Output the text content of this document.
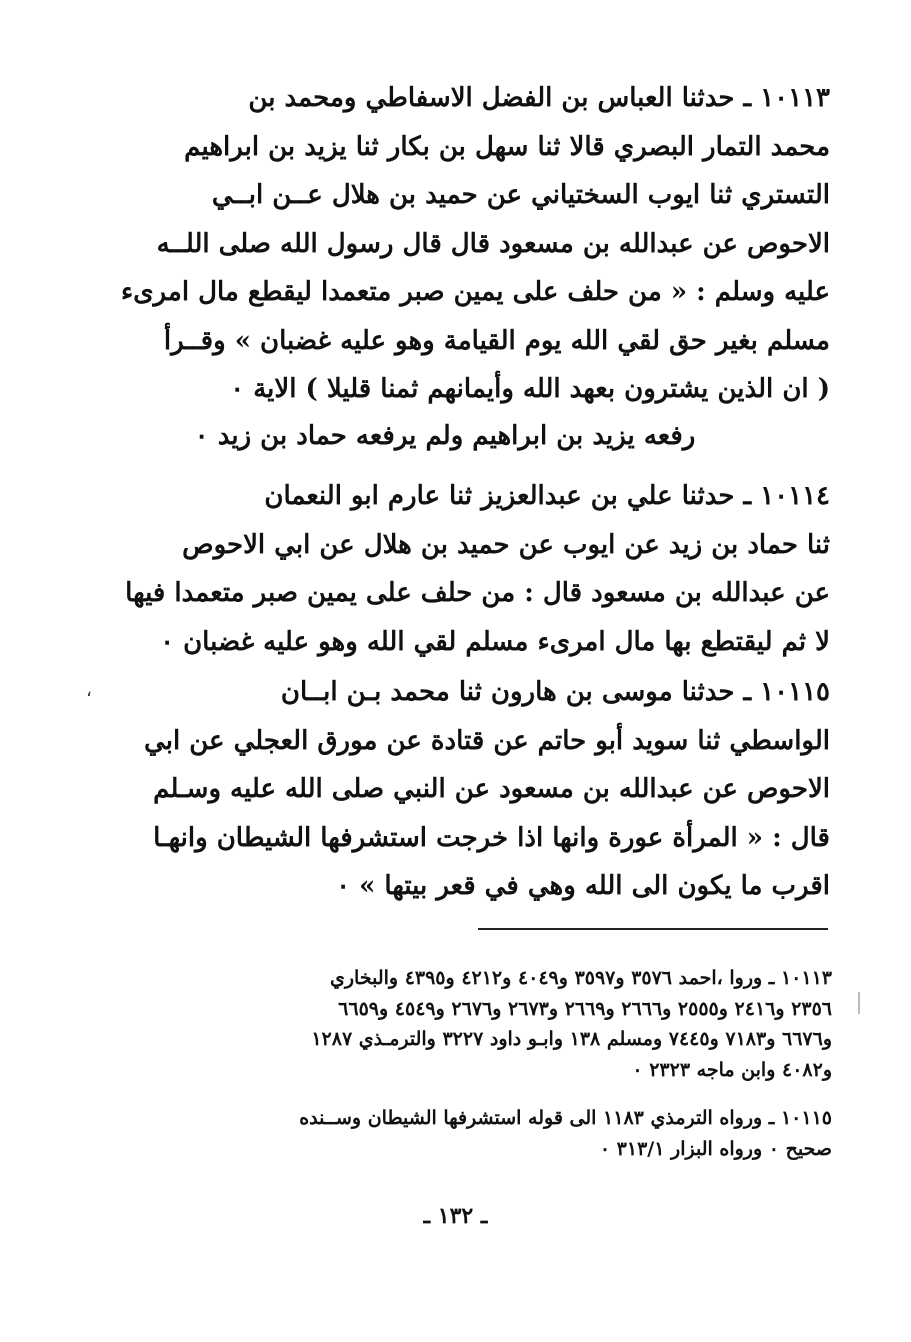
١٠١١٣ ـ حدثنا العباس بن الفضل الاسفاطي ومحمد بن
محمد التمار البصري قالا ثنا سهل بن بكار ثنا يزيد بن ابراهيم
التستري ثنا ايوب السختياني عن حميد بن هلال عــن ابــي
الاحوص عن عبدالله بن مسعود قال قال رسول الله صلى اللــه
عليه وسلم : « من حلف على يمين صبر متعمدا ليقطع مال امرىء
مسلم بغير حق لقي الله يوم القيامة وهو عليه غضبان » وقــرأ
( ان الذين يشترون بعهد الله وأيمانهم ثمنا قليلا ) الاية ٠
رفعه يزيد بن ابراهيم ولم يرفعه حماد بن زيد ٠
١٠١١٤ ـ حدثنا علي بن عبدالعزيز ثنا عارم ابو النعمان
ثنا حماد بن زيد عن ايوب عن حميد بن هلال عن ابي الاحوص
عن عبدالله بن مسعود قال : من حلف على يمين صبر متعمدا فيها
لا ثم ليقتطع بها مال امرىء مسلم لقي الله وهو عليه غضبان ٠
١٠١١٥ ـ حدثنا موسى بن هارون ثنا محمد بـن ابــان
الواسطي ثنا سويد أبو حاتم عن قتادة عن مورق العجلي عن ابي
الاحوص عن عبدالله بن مسعود عن النبي صلى الله عليه وسـلم
قال : « المرأة عورة وانها اذا خرجت استشرفها الشيطان وانهـا
اقرب ما يكون الى الله وهي في قعر بيتها » ٠
،
١٠١١٣ ـ وروا ،احمد ٣٥٧٦ و٣٥٩٧ و٤٠٤٩ و٤٢١٢ و٤٣٩٥ والبخاري
٢٣٥٦ و٢٤١٦ و٢٥٥٥ و٢٦٦٦ و٢٦٦٩ و٢٦٧٣ و٢٦٧٦ و٤٥٤٩ و٦٦٥٩
و٦٦٧٦ و٧١٨٣ و٧٤٤٥ ومسلم ١٣٨ وابـو داود ٣٢٢٧ والترمـذي ١٢٨٧
و٤٠٨٢ وابن ماجه ٢٣٢٣ ٠
١٠١١٥ ـ ورواه الترمذي ١١٨٣ الى قوله استشرفها الشيطان وســنده
صحيح ٠ ورواه البزار ٣١٣/١ ٠
ـ ١٣٢ ـ
